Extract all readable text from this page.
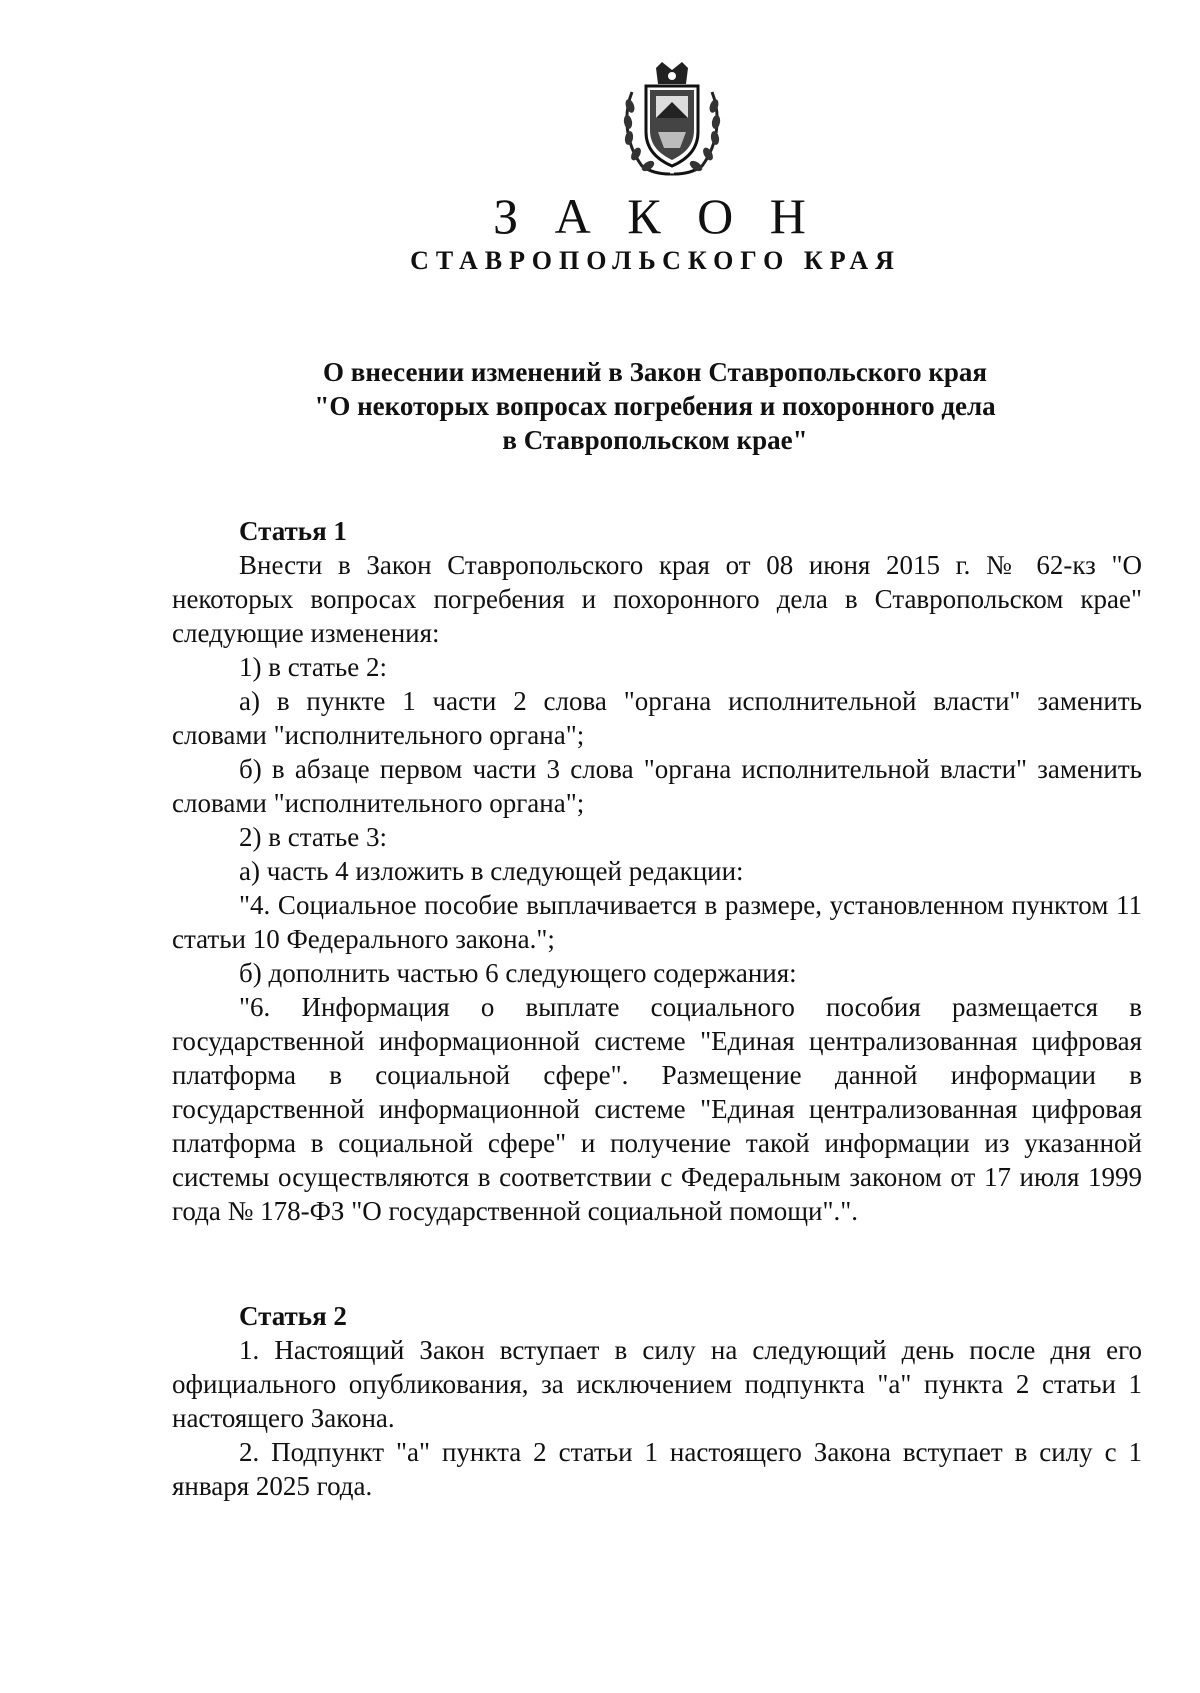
З А К О Н
СТАВРОПОЛЬСКОГО КРАЯ
О внесении изменений в Закон Ставропольского края
"О некоторых вопросах погребения и похоронного дела
в Ставропольском крае"
Статья 1

Внести в Закон Ставропольского края от 08 июня 2015 г. № 62-кз "О некоторых вопросах погребения и похоронного дела в Ставропольском крае" следующие изменения:

1) в статье 2:

а) в пункте 1 части 2 слова "органа исполнительной власти" заменить словами "исполнительного органа";

б) в абзаце первом части 3 слова "органа исполнительной власти" заменить словами "исполнительного органа";

2) в статье 3:

а) часть 4 изложить в следующей редакции:

"4. Социальное пособие выплачивается в размере, установленном пунктом 11 статьи 10 Федерального закона.";

б) дополнить частью 6 следующего содержания:

"6. Информация о выплате социального пособия размещается в государственной информационной системе "Единая централизованная цифровая платформа в социальной сфере". Размещение данной информации в государственной информационной системе "Единая централизованная цифровая платформа в социальной сфере" и получение такой информации из указанной системы осуществляются в соответствии с Федеральным законом от 17 июля 1999 года № 178-ФЗ "О государственной социальной помощи".".

Статья 2

1. Настоящий Закон вступает в силу на следующий день после дня его официального опубликования, за исключением подпункта "а" пункта 2 статьи 1 настоящего Закона.

2. Подпункт "а" пункта 2 статьи 1 настоящего Закона вступает в силу с 1 января 2025 года.
